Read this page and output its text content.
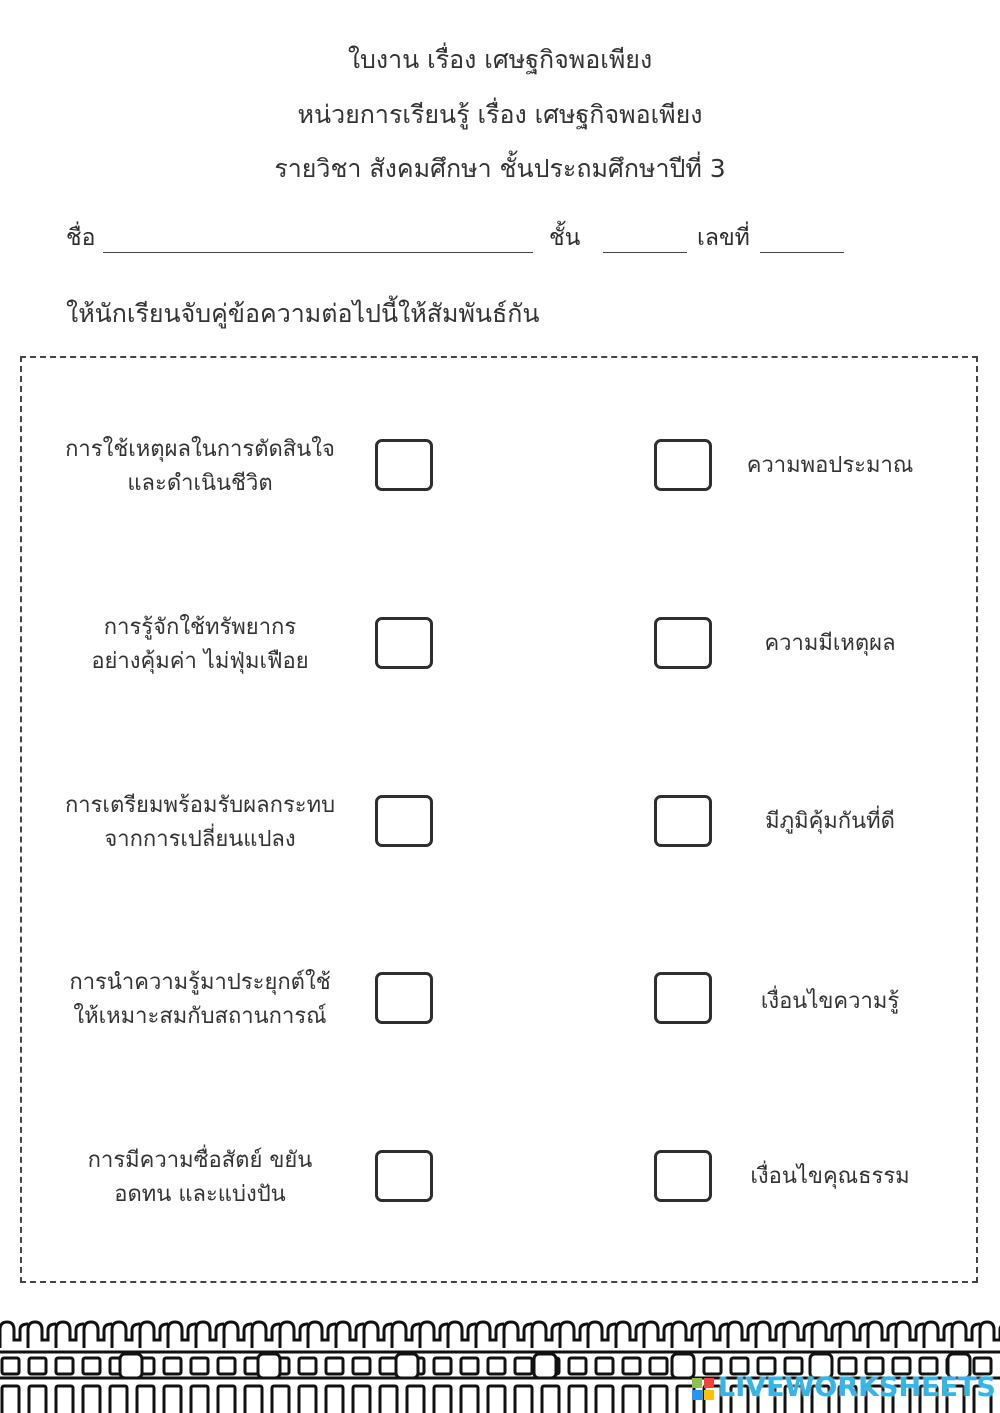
ใบงาน เรื่อง เศษฐกิจพอเพียง
หน่วยการเรียนรู้ เรื่อง เศษฐกิจพอเพียง
รายวิชา สังคมศึกษา ชั้นประถมศึกษาปีที่ 3
ชื่อ	ชั้น	เลขที่
ให้นักเรียนจับคู่ข้อความต่อไปนี้ให้สัมพันธ์กัน
การใช้เหตุผลในการตัดสินใจ
และดำเนินชีวิต
ความพอประมาณ
การรู้จักใช้ทรัพยากร
อย่างคุ้มค่า ไม่ฟุ่มเฟือย
ความมีเหตุผล
การเตรียมพร้อมรับผลกระทบ
จากการเปลี่ยนแปลง
มีภูมิคุ้มกันที่ดี
การนำความรู้มาประยุกต์ใช้
ให้เหมาะสมกับสถานการณ์
เงื่อนไขความรู้
การมีความซื่อสัตย์ ขยัน
อดทน และแบ่งปัน
เงื่อนไขคุณธรรม
LIVEWORKSHEETS
